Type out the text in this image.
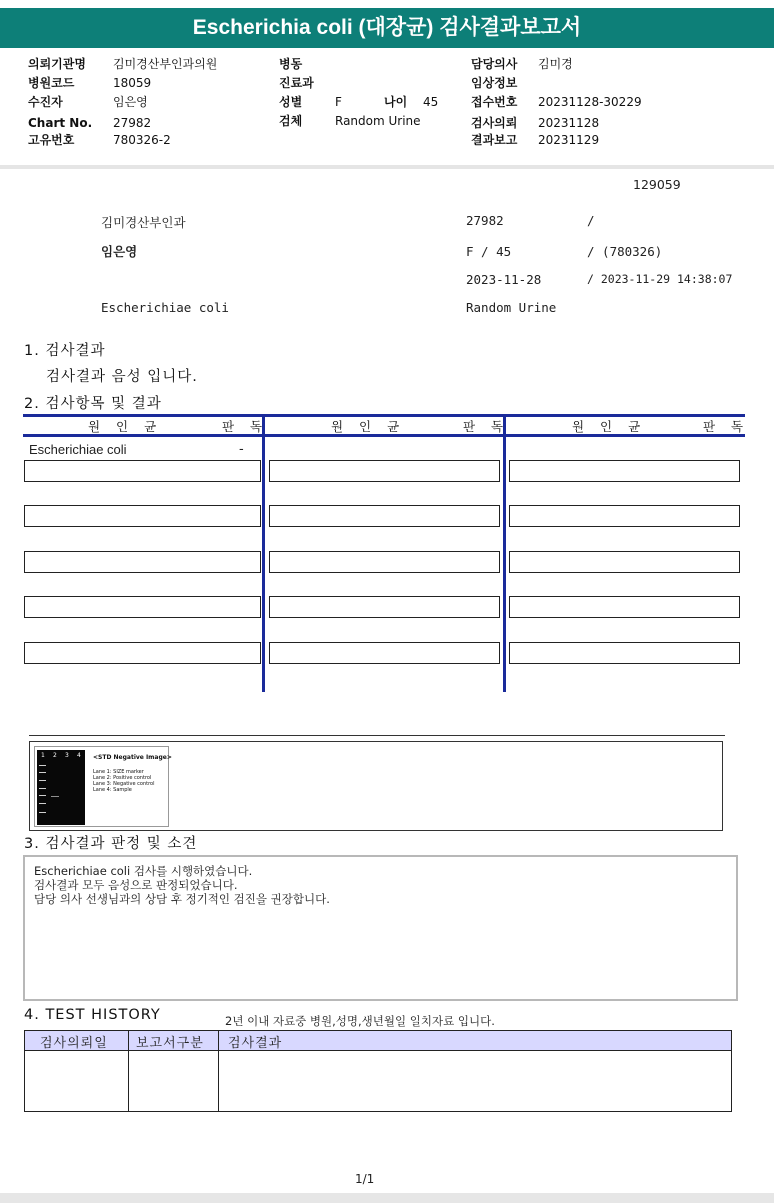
Escherichia coli (대장균) 검사결과보고서
의뢰기관명 김미경산부인과의원
병원코드	18059
수진자	임은영
Chart No. 27982
고유번호	780326-2
병동
진료과
성별	F	나이 45
검체	Random Urine
담당의사 김미경
임상정보
접수번호 20231128-30229
검사의뢰 20231128
결과보고 20231129
129059
김미경산부인과	27982	/
임은영	F / 45	/ (780326)
2023-11-28	/ 2023-11-29 14:38:07
Escherichiae coli	Random Urine
1. 검사결과
검사결과 음성 입니다.
2. 검사항목 및 결과
원 인 균	판 독	원 인 균	판 독	원 인 균	판 독
Escherichiae coli	-
1 2 3 4 <STD Negative Image>
Lane 1: SIZE marker
Lane 2: Positive control
Lane 3: Negative control
Lane 4: Sample
3. 검사결과 판정 및 소견
Escherichiae coli 검사를 시행하였습니다.
검사결과 모두 음성으로 판정되었습니다.
담당 의사 선생님과의 상담 후 정기적인 검진을 권장합니다.
4. TEST HISTORY	2년 이내 자료중 병원,성명,생년월일 일치자료 입니다.
검사의뢰일 보고서구분 검사결과
1/1
